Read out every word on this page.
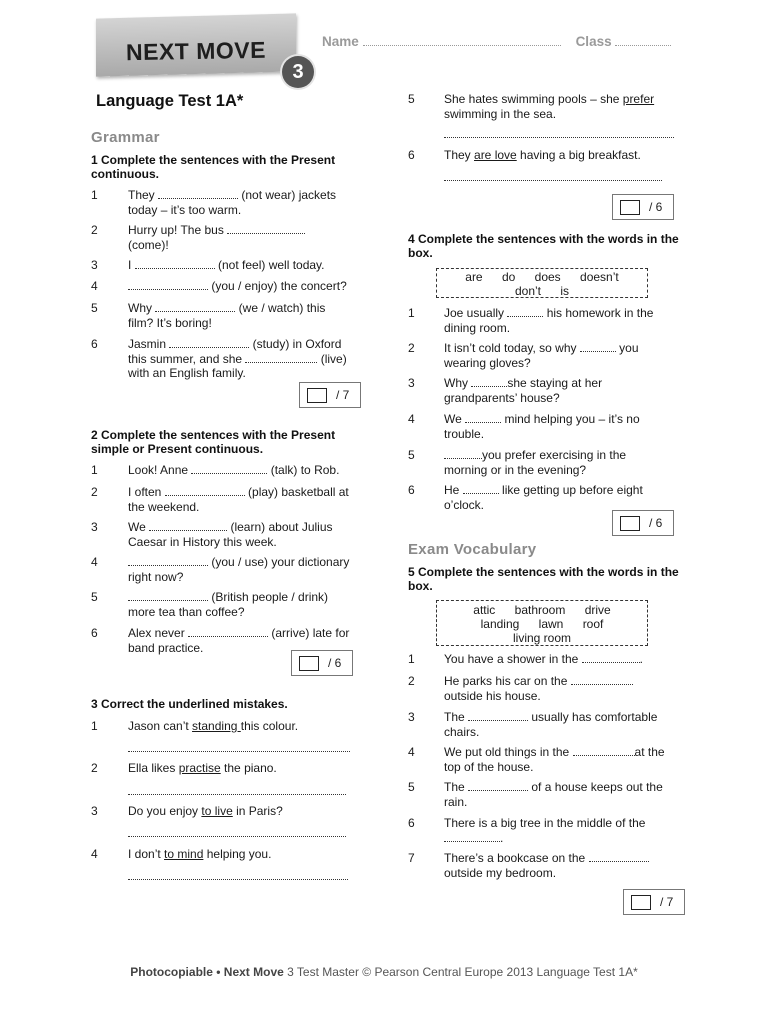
NEXT MOVE
3
Name	Class
Language Test 1A*
Grammar
1 Complete the sentences with the Present continuous.
1	They	(not wear) jackets today – it’s too warm.
2	Hurry up! The bus  (come)!
3	I	(not feel) well today.
4	(you / enjoy) the concert?
5	Why	(we / watch) this film? It’s boring!
6	Jasmin	(study) in Oxford this summer, and she	(live) with an English family.
/ 7
2 Complete the sentences with the Present simple or Present continuous.
1	Look! Anne	(talk) to Rob.
2	I often	(play) basketball at the weekend.
3	We	(learn) about Julius Caesar in History this week.
4	(you / use) your dictionary right now?
5	(British people / drink) more tea than coffee?
6	Alex never	(arrive) late for band practice.
/ 6
3 Correct the underlined mistakes.
1	Jason can’t standing this colour.
2	Ella likes practise the piano.
3	Do you enjoy to live in Paris?
4	I don’t to mind helping you.
5	She hates swimming pools – she prefer swimming in the sea.
6	They are love having a big breakfast.
/ 6
4 Complete the sentences with the words in the box.
are do does doesn’t
don’t is
1	Joe usually	his homework in the dining room.
2	It isn’t cold today, so why	you wearing gloves?
3	Why	she staying at her grandparents’ house?
4	We	mind helping you – it’s no trouble.
5	you prefer exercising in the morning or in the evening?
6	He	like getting up before eight o’clock.
/ 6
Exam Vocabulary
5 Complete the sentences with the words in the box.
attic bathroom drive
landing lawn roof
living room
1	You have a shower in the	.
2	He parks his car on the  outside his house.
3	The	usually has comfortable chairs.
4	We put old things in the	at the top of the house.
5	The	of a house keeps out the rain.
6	There is a big tree in the middle of the .
7	There’s a bookcase on the  outside my bedroom.
/ 7
Photocopiable • Next Move 3 Test Master © Pearson Central Europe 2013 Language Test 1A*
